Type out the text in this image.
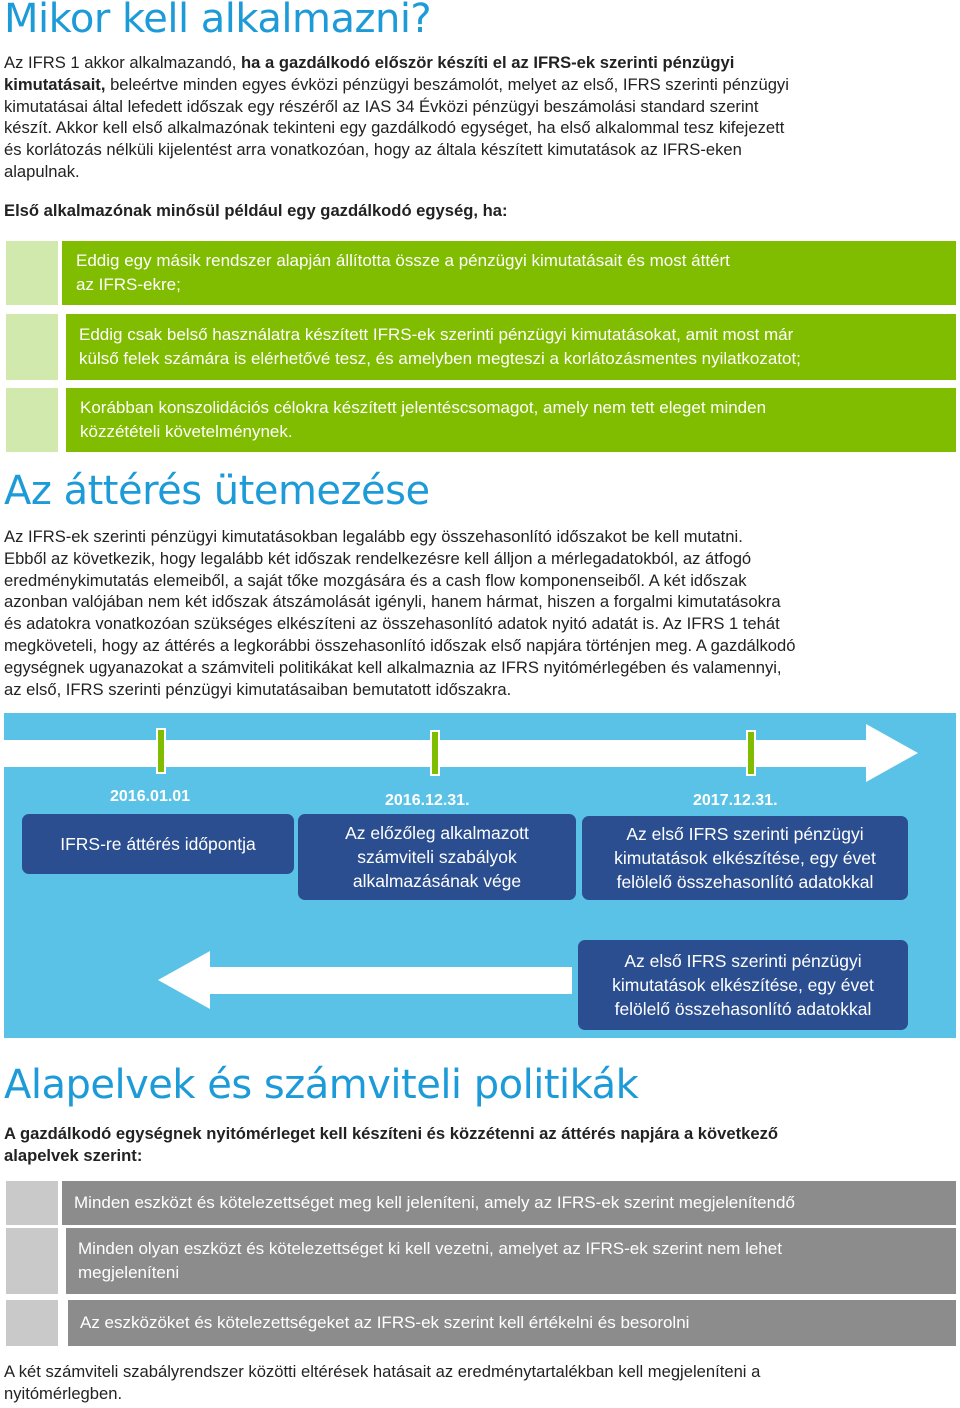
Mikor kell alkalmazni?
Az IFRS 1 akkor alkalmazandó, ha a gazdálkodó először készíti el az IFRS-ek szerinti pénzügyi
kimutatásait, beleértve minden egyes évközi pénzügyi beszámolót, melyet az első, IFRS szerinti pénzügyi
kimutatásai által lefedett időszak egy részéről az IAS 34 Évközi pénzügyi beszámolási standard szerint
készít. Akkor kell első alkalmazónak tekinteni egy gazdálkodó egységet, ha első alkalommal tesz kifejezett
és korlátozás nélküli kijelentést arra vonatkozóan, hogy az általa készített kimutatások az IFRS-eken
alapulnak.
Első alkalmazónak minősül például egy gazdálkodó egység, ha:
Eddig egy másik rendszer alapján állította össze a pénzügyi kimutatásait és most áttért
az IFRS-ekre;
Eddig csak belső használatra készített IFRS-ek szerinti pénzügyi kimutatásokat, amit most már
külső felek számára is elérhetővé tesz, és amelyben megteszi a korlátozásmentes nyilatkozatot;
Korábban konszolidációs célokra készített jelentéscsomagot, amely nem tett eleget minden
közzétételi követelménynek.
Az áttérés ütemezése
Az IFRS-ek szerinti pénzügyi kimutatásokban legalább egy összehasonlító időszakot be kell mutatni.
Ebből az következik, hogy legalább két időszak rendelkezésre kell álljon a mérlegadatokból, az átfogó
eredménykimutatás elemeiből, a saját tőke mozgására és a cash flow komponenseiből. A két időszak
azonban valójában nem két időszak átszámolását igényli, hanem hármat, hiszen a forgalmi kimutatásokra
és adatokra vonatkozóan szükséges elkészíteni az összehasonlító adatok nyitó adatát is. Az IFRS 1 tehát
megköveteli, hogy az áttérés a legkorábbi összehasonlító időszak első napjára történjen meg. A gazdálkodó
egységnek ugyanazokat a számviteli politikákat kell alkalmaznia az IFRS nyitómérlegében és valamennyi,
az első, IFRS szerinti pénzügyi kimutatásaiban bemutatott időszakra.
2016	2017	2018
2016.01.01	2016.12.31.	2017.12.31.
IFRS-re áttérés időpontja
Az előzőleg alkalmazott
számviteli szabályok
alkalmazásának vége
Az első IFRS szerinti pénzügyi
kimutatások elkészítése, egy évet
felölelő összehasonlító adatokkal
Az első IFRS szerinti pénzügyi
kimutatások elkészítése, egy évet
felölelő összehasonlító adatokkal
Alapelvek és számviteli politikák
A gazdálkodó egységnek nyitómérleget kell készíteni és közzétenni az áttérés napjára a következő
alapelvek szerint:
Minden eszközt és kötelezettséget meg kell jeleníteni, amely az IFRS-ek szerint megjelenítendő
Minden olyan eszközt és kötelezettséget ki kell vezetni, amelyet az IFRS-ek szerint nem lehet
megjeleníteni
Az eszközöket és kötelezettségeket az IFRS-ek szerint kell értékelni és besorolni
A két számviteli szabályrendszer közötti eltérések hatásait az eredménytartalékban kell megjeleníteni a
nyitómérlegben.
